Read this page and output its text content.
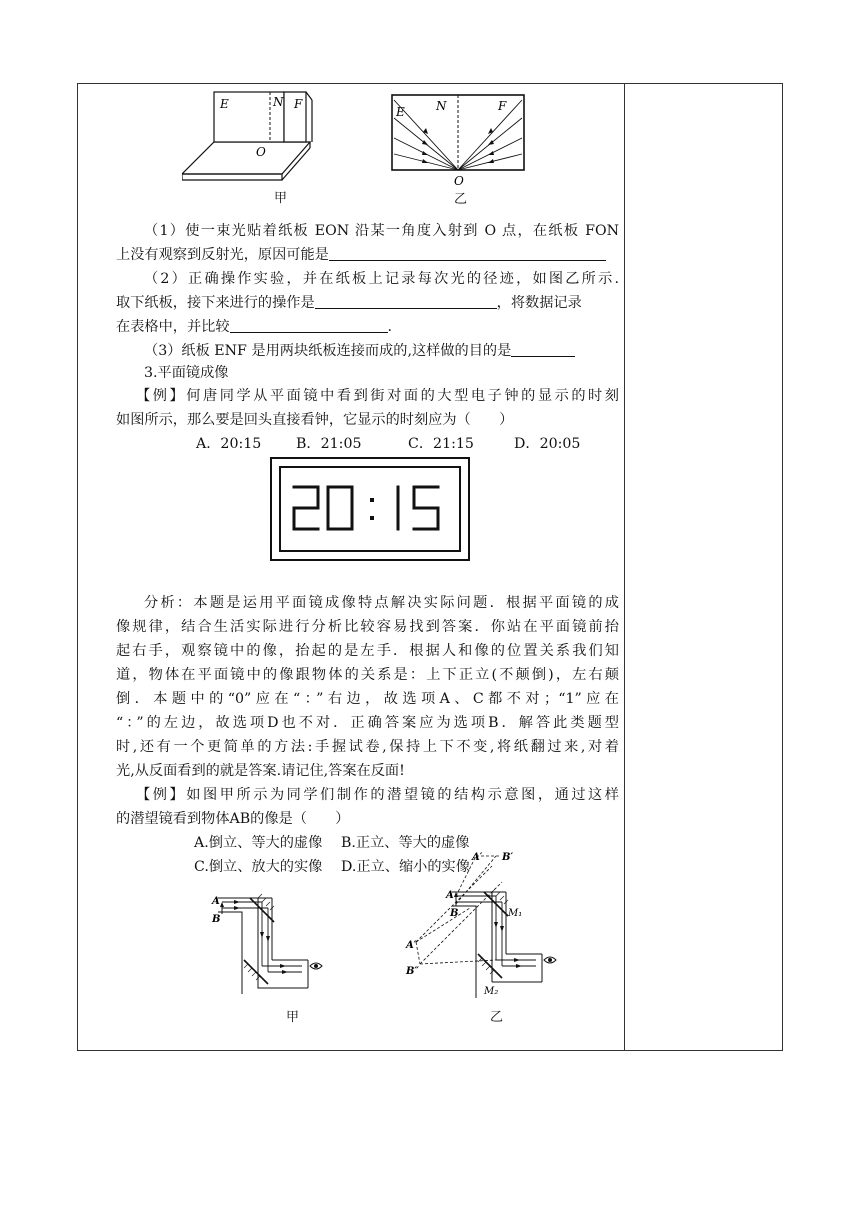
E	N F
O
甲
E	N	F
O
乙
（1）使一束光贴着纸板 EON 沿某一角度入射到 O 点，在纸板 FON
上没有观察到反射光，原因可能是
（2）正确操作实验，并在纸板上记录每次光的径迹，如图乙所示.
取下纸板，接下来进行的操作是	，将数据记录
在表格中，并比较	.
（3）纸板 ENF 是用两块纸板连接而成的,这样做的目的是
3.平面镜成像
【例】何唐同学从平面镜中看到街对面的大型电子钟的显示的时刻
如图所示，那么要是回头直接看钟，它显示的时刻应为（　　）
A．20:15 B．21:05	C．21:15	D．20:05
分析：本题是运用平面镜成像特点解决实际问题．根据平面镜的成
像规律，结合生活实际进行分析比较容易找到答案．你站在平面镜前抬
起右手，观察镜中的像，抬起的是左手．根据人和像的位置关系我们知
道，物体在平面镜中的像跟物体的关系是：上下正立(不颠倒)，左右颠
倒．本题中的“0”应在“：”右边，故选项A、C都不对；“1”应在
“：”的左边，故选项D也不对．正确答案应为选项B．解答此类题型
时,还有一个更简单的方法:手握试卷,保持上下不变,将纸翻过来,对着
光,从反面看到的就是答案.请记住,答案在反面!
【例】如图甲所示为同学们制作的潜望镜的结构示意图，通过这样
的潜望镜看到物体AB的像是（　　）
A.倒立、等大的虚像　 B.正立、等大的虚像
C.倒立、放大的实像　 D.正立、缩小的实像
A
B
甲
A′ B′
A
B	M₁
A″
B″
M₂
乙
